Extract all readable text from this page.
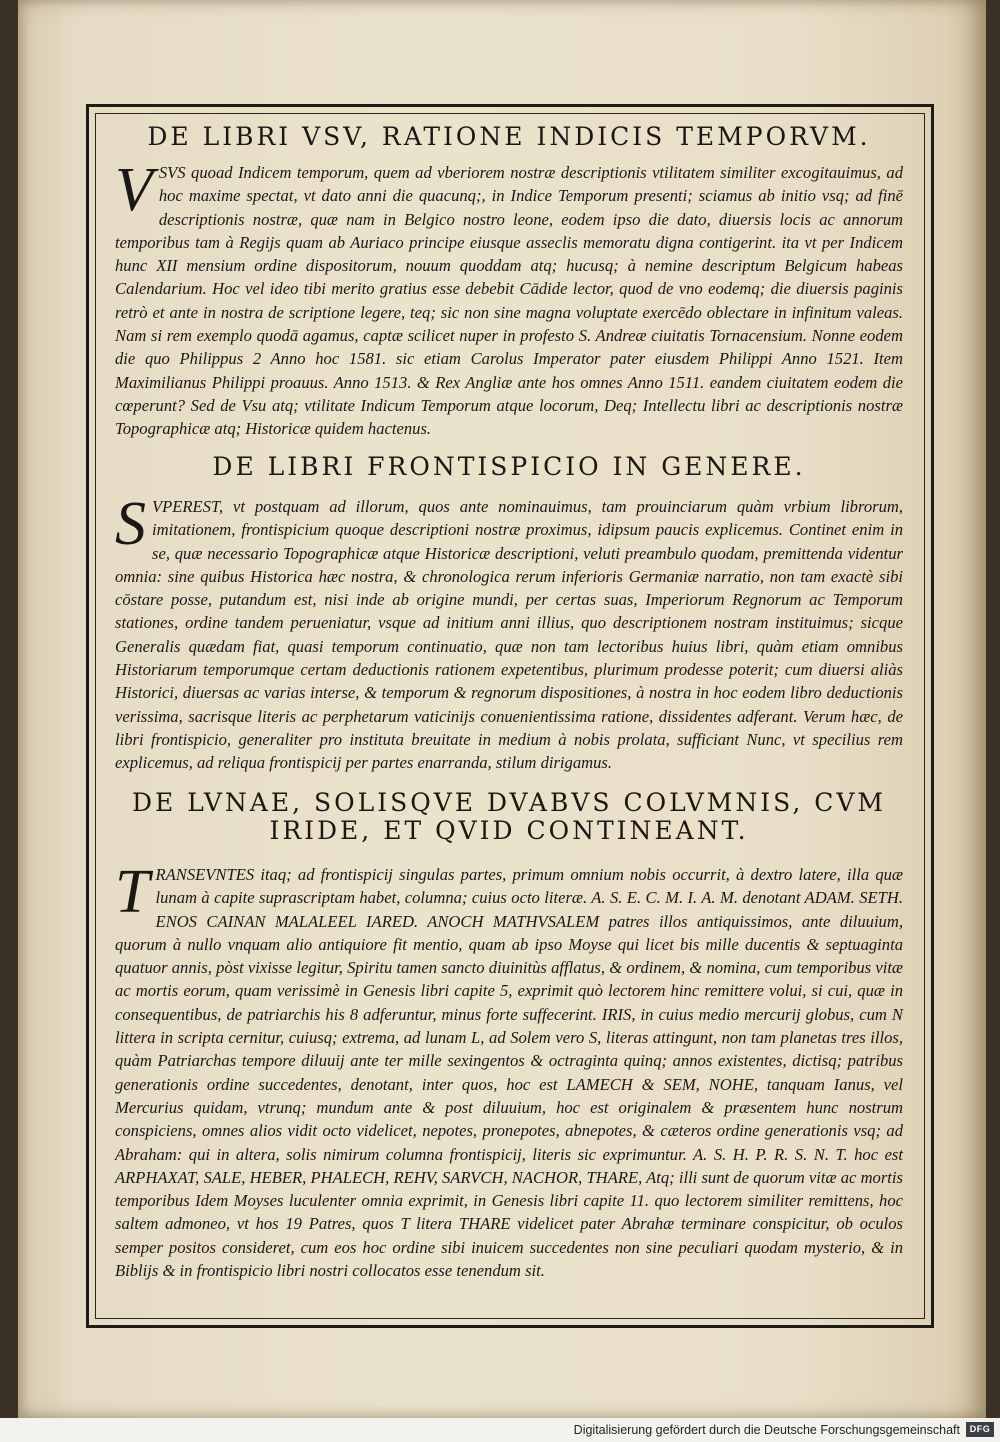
DE LIBRI VSV, RATIONE INDICIS TEMPORVM.

VSVS quoad Indicem temporum, quem ad vberiorem nostræ descriptionis vtilitatem similiter excogitauimus, ad hoc maxime spectat, vt dato anni die quacunq;, in Indice Temporum presenti; sciamus ab initio vsq; ad finē descriptionis nostræ, quæ nam in Belgico nostro leone, eodem ipso die dato, diuersis locis ac annorum temporibus tam à Regijs quam ab Auriaco principe eiusque asseclis memoratu digna contigerint. ita vt per Indicem hunc XII mensium ordine dispositorum, nouum quoddam atq; hucusq; à nemine descriptum Belgicum habeas Calendarium. Hoc vel ideo tibi merito gratius esse debebit Cādide lector, quod de vno eodemq; die diuersis paginis retrò et ante in nostra de scriptione legere, teq; sic non sine magna voluptate exercēdo oblectare in infinitum valeas. Nam si rem exemplo quodā agamus, captæ scilicet nuper in profesto S. Andreæ ciuitatis Tornacensium. Nonne eodem die quo Philippus 2 Anno hoc 1581. sic etiam Carolus Imperator pater eiusdem Philippi Anno 1521. Item Maximilianus Philippi proauus. Anno 1513. & Rex Angliæ ante hos omnes Anno 1511. eandem ciuitatem eodem die cœperunt? Sed de Vsu atq; vtilitate Indicum Temporum atque locorum, Deq; Intellectu libri ac descriptionis nostræ Topographicæ atq; Historicæ quidem hactenus.

DE LIBRI FRONTISPICIO IN GENERE.

SVPEREST, vt postquam ad illorum, quos ante nominauimus, tam prouinciarum quàm vrbium librorum, imitationem, frontispicium quoque descriptioni nostræ proximus, idipsum paucis explicemus. Continet enim in se, quæ necessario Topographicæ atque Historicæ descriptioni, veluti preambulo quodam, premittenda videntur omnia: sine quibus Historica hæc nostra, & chronologica rerum inferioris Germaniæ narratio, non tam exactè sibi cōstare posse, putandum est, nisi inde ab origine mundi, per certas suas, Imperiorum Regnorum ac Temporum stationes, ordine tandem perueniatur, vsque ad initium anni illius, quo descriptionem nostram instituimus; sicque Generalis quædam fiat, quasi temporum continuatio, quæ non tam lectoribus huius libri, quàm etiam omnibus Historiarum temporumque certam deductionis rationem expetentibus, plurimum prodesse poterit; cum diuersi aliàs Historici, diuersas ac varias interse, & temporum & regnorum dispositiones, à nostra in hoc eodem libro deductionis verissima, sacrisque literis ac perphetarum vaticinijs conuenientissima ratione, dissidentes adferant. Verum hæc, de libri frontispicio, generaliter pro instituta breuitate in medium à nobis prolata, sufficiant Nunc, vt specilius rem explicemus, ad reliqua frontispicij per partes enarranda, stilum dirigamus.

DE LVNAE, SOLISQVE DVABVS COLVMNIS, CVM IRIDE, ET QVID CONTINEANT.

TRANSEVNTES itaq; ad frontispicij singulas partes, primum omnium nobis occurrit, à dextro latere, illa quæ lunam à capite suprascriptam habet, columna; cuius octo literæ. A. S. E. C. M. I. A. M. denotant ADAM. SETH. ENOS CAINAN MALALEEL IARED. ANOCH MATHVSALEM patres illos antiquissimos, ante diluuium, quorum à nullo vnquam alio antiquiore fit mentio, quam ab ipso Moyse qui licet bis mille ducentis & septuaginta quatuor annis, pòst vixisse legitur, Spiritu tamen sancto diuinitùs afflatus, & ordinem, & nomina, cum temporibus vitæ ac mortis eorum, quam verissimè in Genesis libri capite 5, exprimit quò lectorem hinc remittere volui, si cui, quæ in consequentibus, de patriarchis his 8 adferuntur, minus forte suffecerint. IRIS, in cuius medio mercurij globus, cum N littera in scripta cernitur, cuiusq; extrema, ad lunam L, ad Solem vero S, literas attingunt, non tam planetas tres illos, quàm Patriarchas tempore diluuij ante ter mille sexingentos & octraginta quinq; annos existentes, dictisq; patribus generationis ordine succedentes, denotant, inter quos, hoc est LAMECH & SEM, NOHE, tanquam Ianus, vel Mercurius quidam, vtrunq; mundum ante & post diluuium, hoc est originalem & præsentem hunc nostrum conspiciens, omnes alios vidit octo videlicet, nepotes, pronepotes, abnepotes, & cæteros ordine generationis vsq; ad Abraham: qui in altera, solis nimirum columna frontispicij, literis sic exprimuntur. A. S. H. P. R. S. N. T. hoc est ARPHAXAT, SALE, HEBER, PHALECH, REHV, SARVCH, NACHOR, THARE, Atq; illi sunt de quorum vitæ ac mortis temporibus Idem Moyses luculenter omnia exprimit, in Genesis libri capite 11. quo lectorem similiter remittens, hoc saltem admoneo, vt hos 19 Patres, quos T litera THARE videlicet pater Abrahæ terminare conspicitur, ob oculos semper positos consideret, cum eos hoc ordine sibi inuicem succedentes non sine peculiari quodam mysterio, & in Biblijs & in frontispicio libri nostri collocatos esse tenendum sit.

Digitalisierung gefördert durch die Deutsche Forschungsgemeinschaft	DFG
